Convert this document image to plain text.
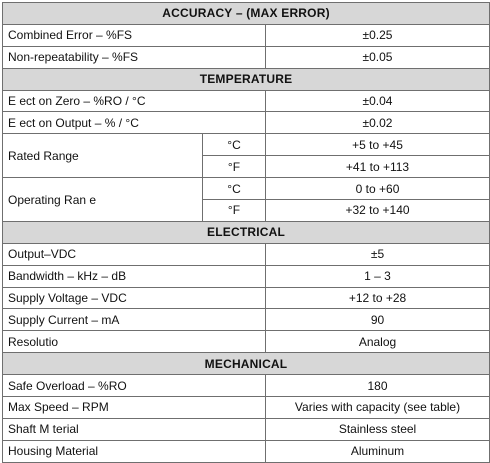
ACCURACY – (MAX ERROR)		
Combined Error – %FS		±0.25
Non-repeatability – %FS		±0.05
TEMPERATURE		
E ect on Zero – %RO / °C		±0.04
E ect on Output – % / °C		±0.02
Rated Range	°C	+5 to +45
	°F	+41 to +113
Operating Ran e	°C	0 to +60
	°F	+32 to +140
ELECTRICAL		
Output–VDC		±5
Bandwidth – kHz – dB		1 – 3
Supply Voltage – VDC		+12 to +28
Supply Current – mA		90
Resolutio		Analog
MECHANICAL		
Safe Overload – %RO		180
Max Speed – RPM		Varies with capacity (see table)
Shaft M terial		Stainless steel
Housing Material		Aluminum
